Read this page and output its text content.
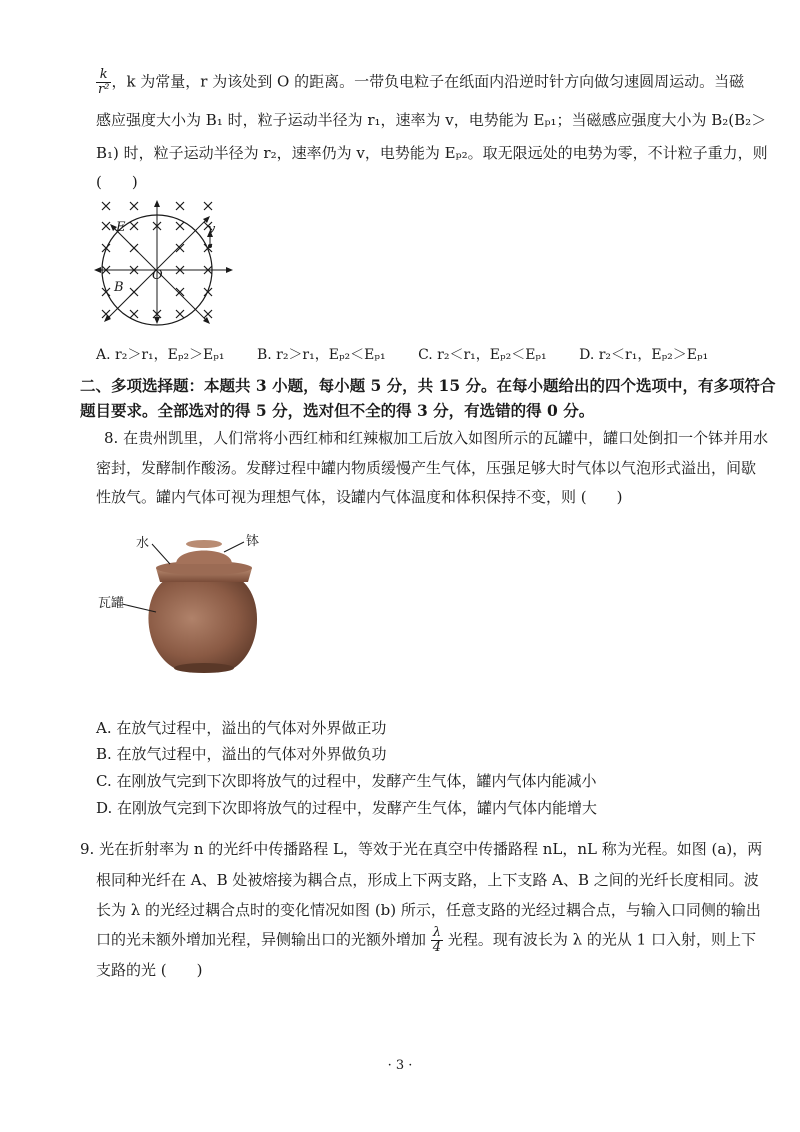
$\frac{k}{\text{r²}}$ ，k 为常量，r 为该处到 O 的距离。一带负电粒子在纸面内沿逆时针方向做匀速圆周运动。当磁
感应强度大小为 B₁ 时，粒子运动半径为 r₁，速率为 v，电势能为 Eₚ₁；当磁感应强度大小为 B₂(B₂＞
B₁) 时，粒子运动半径为 r₂，速率仍为 v，电势能为 Eₚ₂。取无限远处的电势为零，不计粒子重力，则
(　　)
E	v
O
B
A. r₂＞r₁，Eₚ₂＞Eₚ₁ B. r₂＞r₁，Eₚ₂＜Eₚ₁ C. r₂＜r₁，Eₚ₂＜Eₚ₁ D. r₂＜r₁，Eₚ₂＞Eₚ₁
二、多项选择题：本题共 3 小题，每小题 5 分，共 15 分。在每小题给出的四个选项中，有多项符合
题目要求。全部选对的得 5 分，选对但不全的得 3 分，有选错的得 0 分。
8. 在贵州凯里，人们常将小西红柿和红辣椒加工后放入如图所示的瓦罐中，罐口处倒扣一个钵并用水
密封，发酵制作酸汤。发酵过程中罐内物质缓慢产生气体，压强足够大时气体以气泡形式溢出，间歇
性放气。罐内气体可视为理想气体，设罐内气体温度和体积保持不变，则 (　　)
水	钵
瓦罐
A. 在放气过程中，溢出的气体对外界做正功
B. 在放气过程中，溢出的气体对外界做负功
C. 在刚放气完到下次即将放气的过程中，发酵产生气体，罐内气体内能减小
D. 在刚放气完到下次即将放气的过程中，发酵产生气体，罐内气体内能增大
9. 光在折射率为 n 的光纤中传播路程 L，等效于光在真空中传播路程 nL，nL 称为光程。如图 (a)，两
根同种光纤在 A、B 处被熔接为耦合点，形成上下两支路，上下支路 A、B 之间的光纤长度相同。波
长为 λ 的光经过耦合点时的变化情况如图 (b) 所示，任意支路的光经过耦合点，与输入口同侧的输出
口的光未额外增加光程，异侧输出口的光额外增加 $\frac{\lambda}{4}$ 光程。现有波长为 λ 的光从 1 口入射，则上下
支路的光 (　　)
· 3 ·
